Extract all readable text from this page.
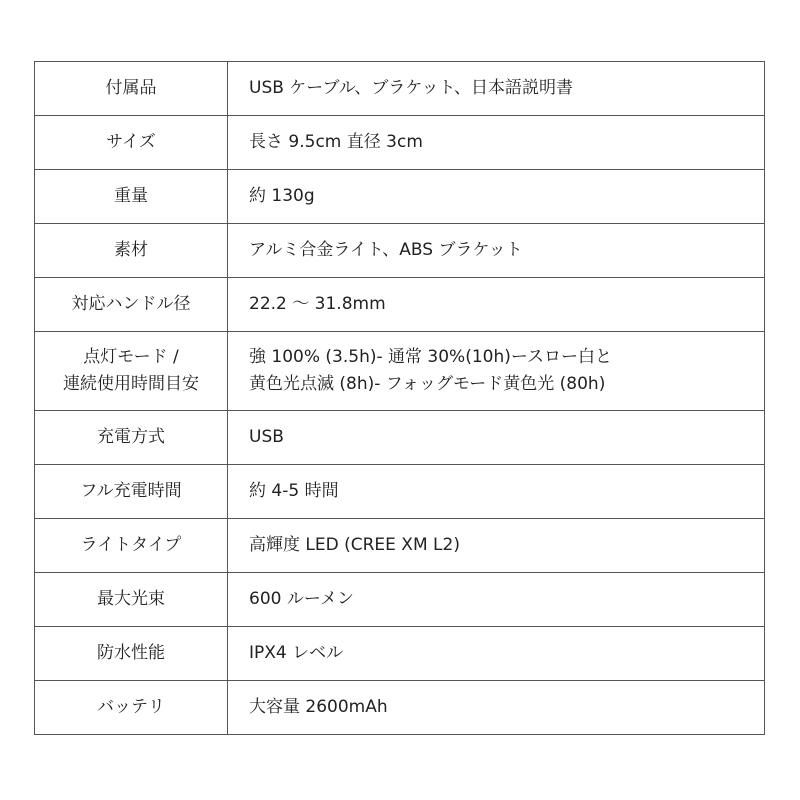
付属品	USB ケーブル、ブラケット、日本語説明書

サイズ	長さ 9.5cm 直径 3cm

重量	約 130g

素材	アルミ合金ライト、ABS ブラケット

対応ハンドル径	22.2 ～ 31.8mm

点灯モード /
連続使用時間目安	強 100% (3.5h)- 通常 30%(10h)ースロー白と
黄色光点滅 (8h)- フォッグモード黄色光 (80h)

充電方式	USB

フル充電時間	約 4-5 時間

ライトタイプ	高輝度 LED (CREE XM L2)

最大光束	600 ルーメン

防水性能	IPX4 レベル

バッテリ	大容量 2600mAh
